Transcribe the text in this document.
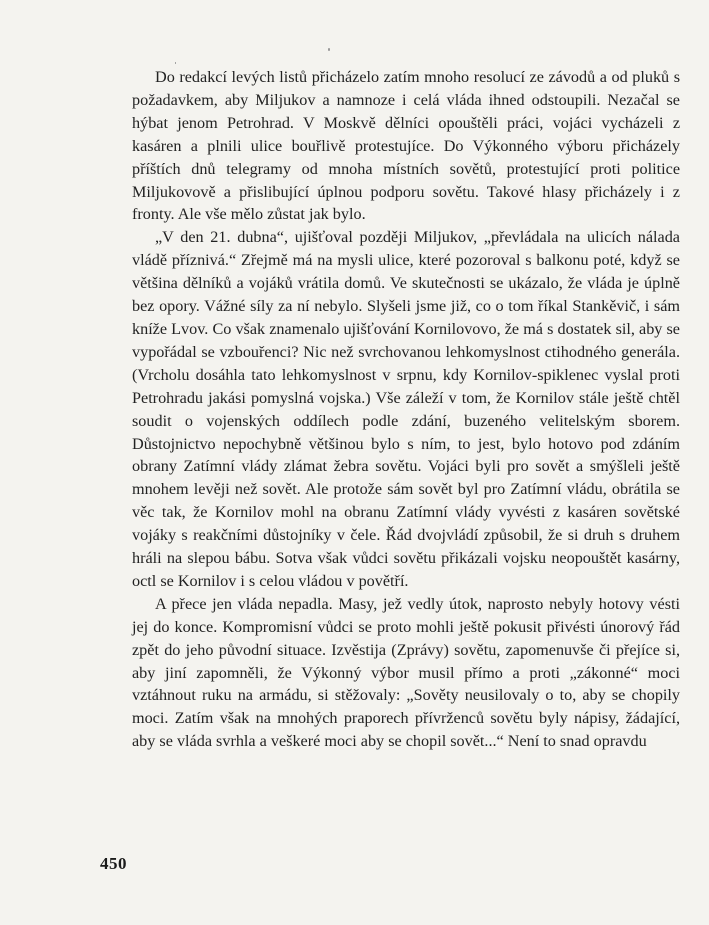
Do redakcí levých listů přicházelo zatím mnoho resolucí ze závodů a od pluků s požadavkem, aby Miljukov a namnoze i celá vláda ihned odstoupili. Nezačal se hýbat jenom Petrohrad. V Moskvě dělníci opouštěli práci, vojáci vycházeli z kasáren a plnili ulice bouřlivě protestujíce. Do Výkonného výboru přicházely příštích dnů telegramy od mnoha místních sovětů, protestující proti politice Miljukovově a přislibující úplnou podporu sovětu. Takové hlasy přicházely i z fronty. Ale vše mělo zůstat jak bylo.

„V den 21. dubna“, ujišťoval později Miljukov, „převládala na ulicích nálada vládě příznivá.“ Zřejmě má na mysli ulice, které pozoroval s balkonu poté, když se většina dělníků a vojáků vrátila domů. Ve skutečnosti se ukázalo, že vláda je úplně bez opory. Vážné síly za ní nebylo. Slyšeli jsme již, co o tom říkal Stankěvič, i sám kníže Lvov. Co však znamenalo ujišťování Kornilovovo, že má s dostatek sil, aby se vypořádal se vzbouřenci? Nic než svrchovanou lehkomyslnost ctihodného generála. (Vrcholu dosáhla tato lehkomyslnost v srpnu, kdy Kornilov-spiklenec vyslal proti Petrohradu jakási pomyslná vojska.) Vše záleží v tom, že Kornilov stále ještě chtěl soudit o vojenských oddílech podle zdání, buzeného velitelským sborem. Důstojnictvo nepochybně většinou bylo s ním, to jest, bylo hotovo pod zdáním obrany Zatímní vlády zlámat žebra sovětu. Vojáci byli pro sovět a smýšleli ještě mnohem levěji než sovět. Ale protože sám sovět byl pro Zatímní vládu, obrátila se věc tak, že Kornilov mohl na obranu Zatímní vlády vyvésti z kasáren sovětské vojáky s reakčními důstojníky v čele. Řád dvojvládí způsobil, že si druh s druhem hráli na slepou bábu. Sotva však vůdci sovětu přikázali vojsku neopouštět kasárny, octl se Kornilov i s celou vládou v povětří.

A přece jen vláda nepadla. Masy, jež vedly útok, naprosto nebyly hotovy vésti jej do konce. Kompromisní vůdci se proto mohli ještě pokusit přivésti únorový řád zpět do jeho původní situace. Izvěstija (Zprávy) sovětu, zapomenuvše či přejíce si, aby jiní zapomněli, že Výkonný výbor musil přímo a proti „zákonné“ moci vztáhnout ruku na armádu, si stěžovaly: „Sověty neusilovaly o to, aby se chopily moci. Zatím však na mnohých praporech přívrženců sovětu byly nápisy, žádající, aby se vláda svrhla a veškeré moci aby se chopil sovět...“ Není to snad opravdu

450
